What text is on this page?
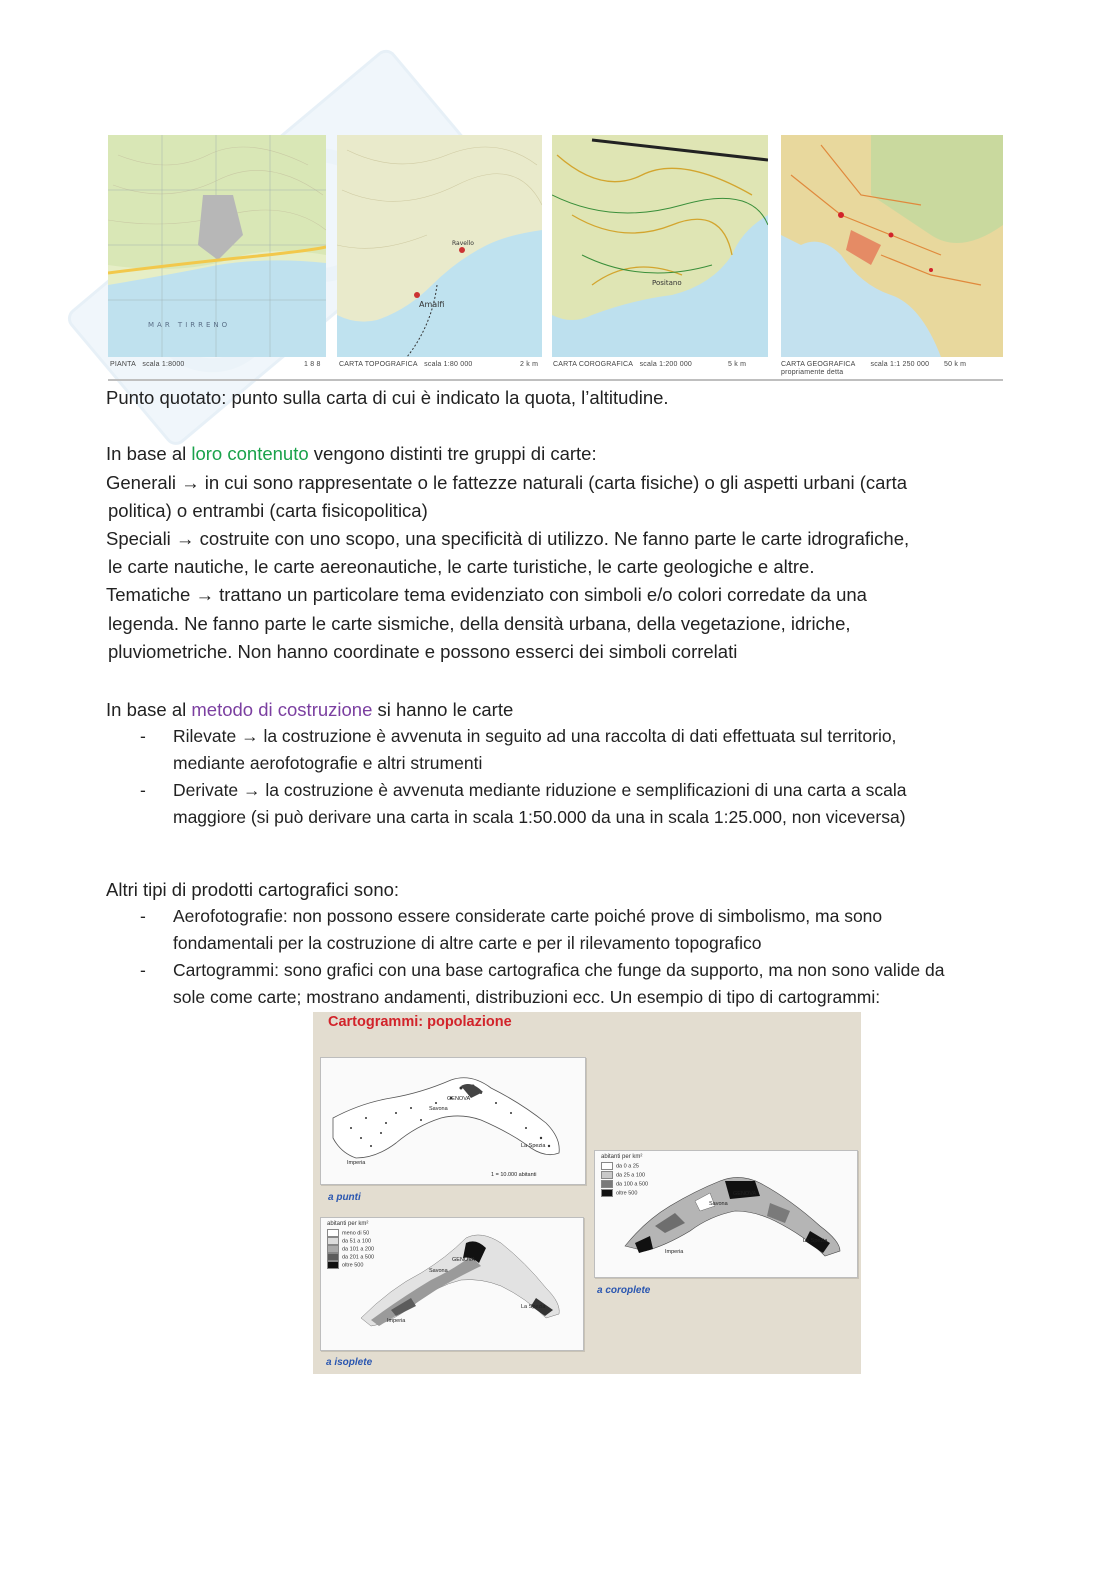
MAR TIRRENO
Amalfi
Ravello
Positano
PIANTA scala 1:8000	1 8 8	CARTA TOPOGRAFICA scala 1:80 000	2 k m CARTA COROGRAFICA scala 1:200 000	5 k m	CARTA GEOGRAFICA scala 1:1 250 000
propriamente detta
50 k m
Punto quotato: punto sulla carta di cui è indicato la quota, l’altitudine.
In base al loro contenuto vengono distinti tre gruppi di carte:
Generali → in cui sono rappresentate o le fattezze naturali (carta fisiche) o gli aspetti urbani (carta
politica) o entrambi (carta fisicopolitica)
Speciali → costruite con uno scopo, una specificità di utilizzo. Ne fanno parte le carte idrografiche,
le carte nautiche, le carte aereonautiche, le carte turistiche, le carte geologiche e altre.
Tematiche → trattano un particolare tema evidenziato con simboli e/o colori corredate da una
legenda. Ne fanno parte le carte sismiche, della densità urbana, della vegetazione, idriche,
pluviometriche. Non hanno coordinate e possono esserci dei simboli correlati
In base al metodo di costruzione si hanno le carte
- Rilevate → la costruzione è avvenuta in seguito ad una raccolta di dati effettuata sul territorio,
mediante aerofotografie e altri strumenti
- Derivate → la costruzione è avvenuta mediante riduzione e semplificazioni di una carta a scala
maggiore (si può derivare una carta in scala 1:50.000 da una in scala 1:25.000, non viceversa)
Altri tipi di prodotti cartografici sono:
- Aerofotografie: non possono essere considerate carte poiché prove di simbolismo, ma sono
fondamentali per la costruzione di altre carte e per il rilevamento topografico
- Cartogrammi: sono grafici con una base cartografica che funge da supporto, ma non sono valide da
sole come carte; mostrano andamenti, distribuzioni ecc. Un esempio di tipo di cartogrammi:
Cartogrammi: popolazione
GENOVA
Savona
La Spezia
Imperia
1 = 10.000 abitanti
a punti
abitanti per km²
da 0 a 25
da 25 a 100
da 100 a 500
oltre 500	GENOVA
Savona
La Spezia
Imperia
a coroplete
abitanti per km²
meno di 50
da 51 a 100
da 101 a 200
da 201 a 500
oltre 500
GENOVA
Savona
La Spezia
Imperia
a isoplete
